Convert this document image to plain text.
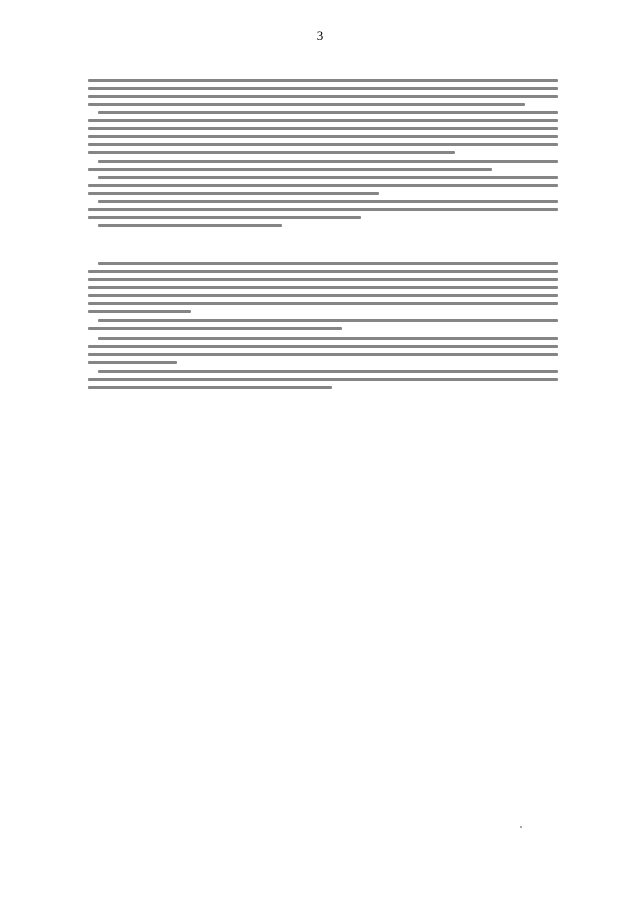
3
